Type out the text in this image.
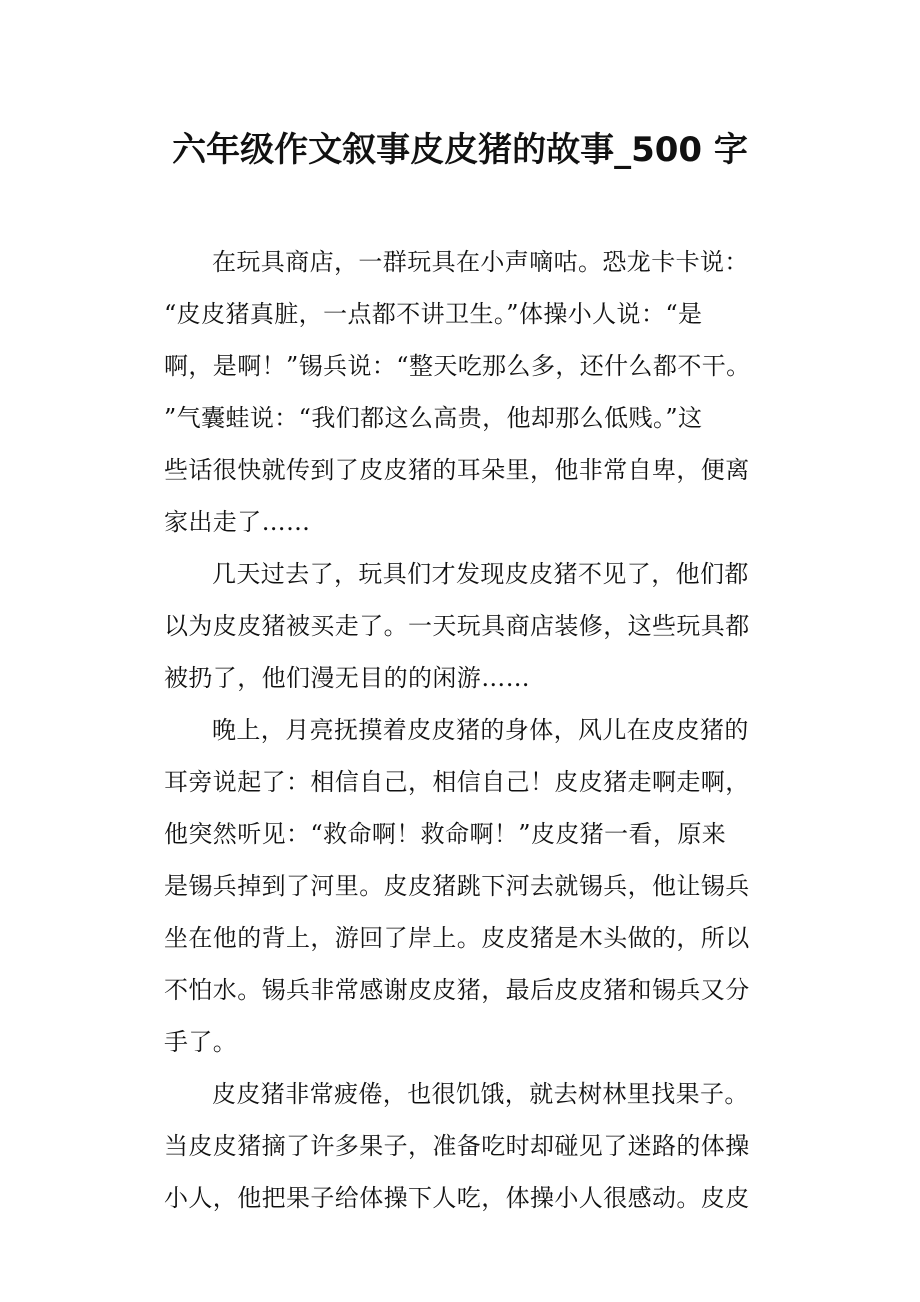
六年级作文叙事皮皮猪的故事_500 字
在玩具商店，一群玩具在小声嘀咕。恐龙卡卡说：
“皮皮猪真脏，一点都不讲卫生。”体操小人说：“是
啊，是啊！”锡兵说：“整天吃那么多，还什么都不干。
”气囊蛙说：“我们都这么高贵，他却那么低贱。”这
些话很快就传到了皮皮猪的耳朵里，他非常自卑，便离
家出走了……
几天过去了，玩具们才发现皮皮猪不见了，他们都
以为皮皮猪被买走了。一天玩具商店装修，这些玩具都
被扔了，他们漫无目的的闲游……
晚上，月亮抚摸着皮皮猪的身体，风儿在皮皮猪的
耳旁说起了：相信自己，相信自己！皮皮猪走啊走啊，
他突然听见：“救命啊！救命啊！”皮皮猪一看，原来
是锡兵掉到了河里。皮皮猪跳下河去就锡兵，他让锡兵
坐在他的背上，游回了岸上。皮皮猪是木头做的，所以
不怕水。锡兵非常感谢皮皮猪，最后皮皮猪和锡兵又分
手了。
皮皮猪非常疲倦，也很饥饿，就去树林里找果子。
当皮皮猪摘了许多果子，准备吃时却碰见了迷路的体操
小人，他把果子给体操下人吃，体操小人很感动。皮皮
